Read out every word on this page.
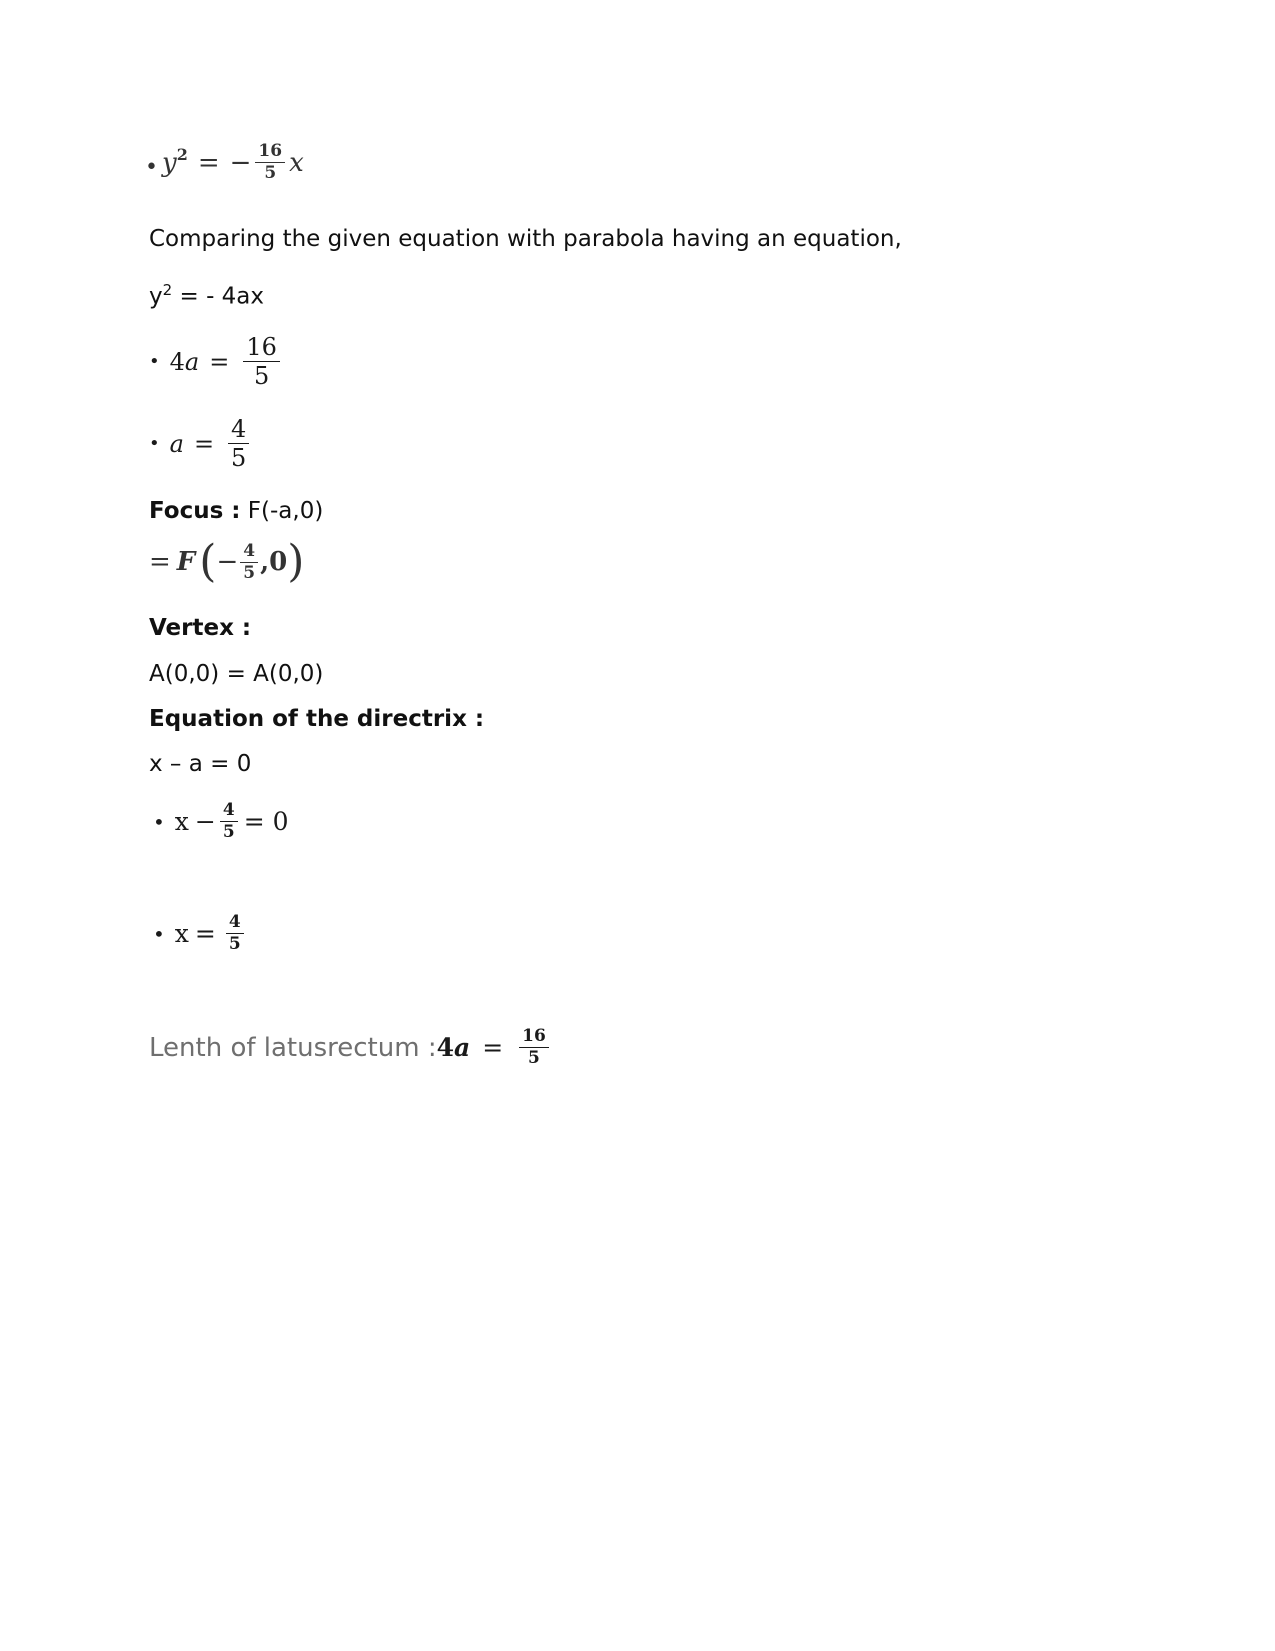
• $y^2$ = − $\frac{16}{5}$ x
Comparing the given equation with parabola having an equation,
$y^2$ = - 4ax
• 4 $a = \frac{16}{5}$
• $a = \frac{4}{5}$
Focus : F(-a,0)
= F ( − $\frac{4}{5} ,0$ )
Vertex :
A(0,0) = A(0,0)
Equation of the directrix :
x – a = 0
• $x - \frac{4}{5} = 0$
• $x = \frac{4}{5}$
Lenth of latusrectum : 4 $a = \frac{16}{5}$
